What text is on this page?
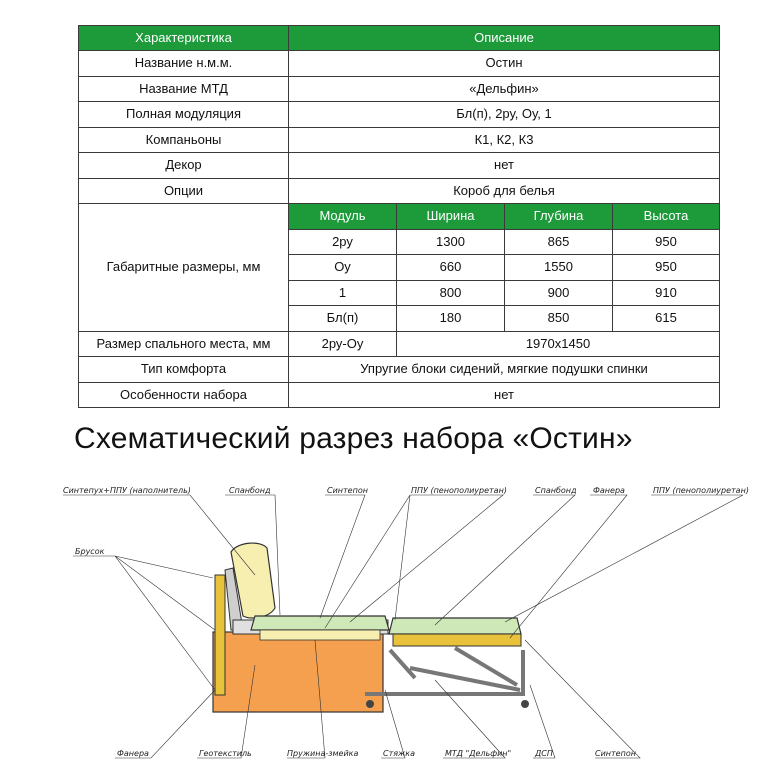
Характеристика	Описание			
Название н.м.м.	Остин			
Название МТД	«Дельфин»			
Полная модуляция	Бл(п), 2ру, Оу, 1			
Компаньоны	К1, К2, К3			
Декор	нет			
Опции	Короб для белья			
Габаритные размеры, мм	Модуль	Ширина	Глубина	Высота
	2ру	1300	865	950
	Оу	660	1550	950
	1	800	900	910
	Бл(п)	180	850	615
Размер спального места, мм	2ру-Оу	1970х1450		
Тип комфорта	Упругие блоки сидений, мягкие подушки спинки			
Особенности набора	нет			
Схематический разрез набора «Остин»
Синтепух+ППУ (наполнитель)	Спанбонд	Синтепон	ППУ (пенополиуретан)	Спанбонд Фанера	ППУ (пенополиуретан)
Брусок
Фанера	Геотекстиль	Пружина-змейка	Стяжка	МТД "Дельфин"	ДСП	Синтепон
